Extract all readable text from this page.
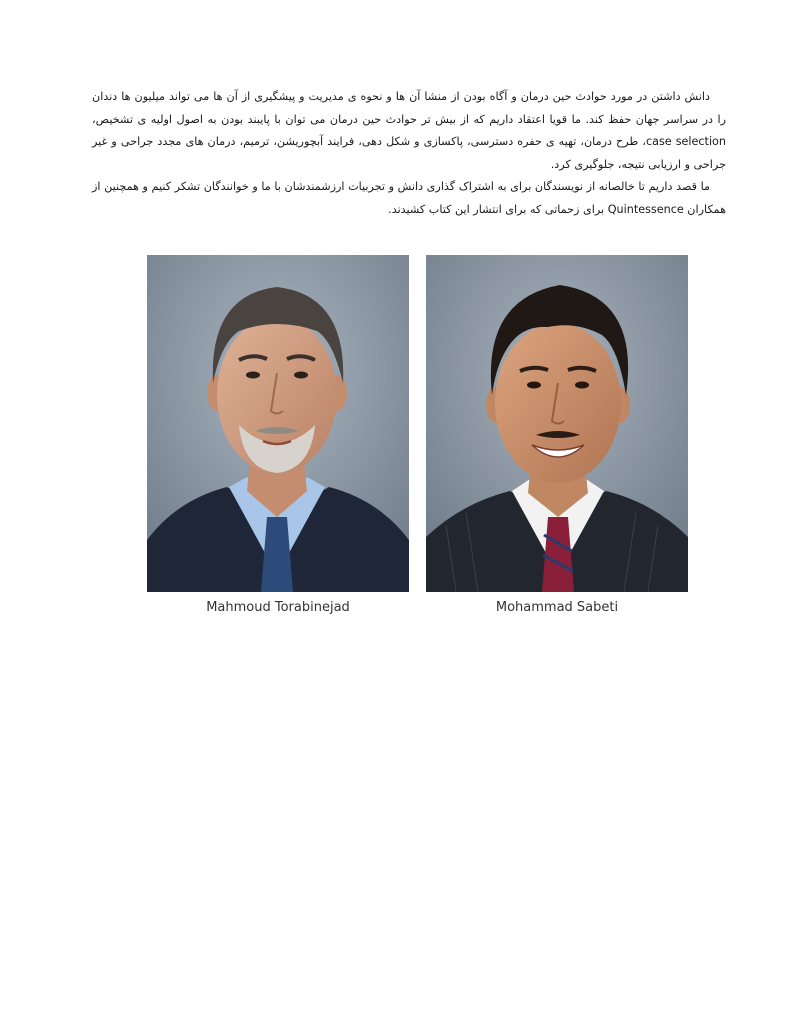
دانش داشتن در مورد حوادث حین درمان و آگاه بودن از منشا آن ها و نحوه ی مدیریت و پیشگیری از آن ها می تواند میلیون ها دندان را در سراسر جهان حفظ کند. ما قویا اعتقاد داریم که از بیش تر حوادث حین درمان می توان با پایبند بودن به اصول اولیه ی تشخیص، case selection، طرح درمان، تهیه ی حفره دسترسی، پاکسازی و شکل دهی، فرایند آبچوریشن، ترمیم، درمان های مجدد جراحی و غیر جراحی و ارزیابی نتیجه، جلوگیری کرد.

ما قصد داریم تا خالصانه از نویسندگان برای به اشتراک گذاری دانش و تجربیات ارزشمندشان با ما و خوانندگان تشکر کنیم و همچنین از همکاران Quintessence برای زحماتی که برای انتشار این کتاب کشیدند.

Mahmoud Torabinejad	Mohammad Sabeti
